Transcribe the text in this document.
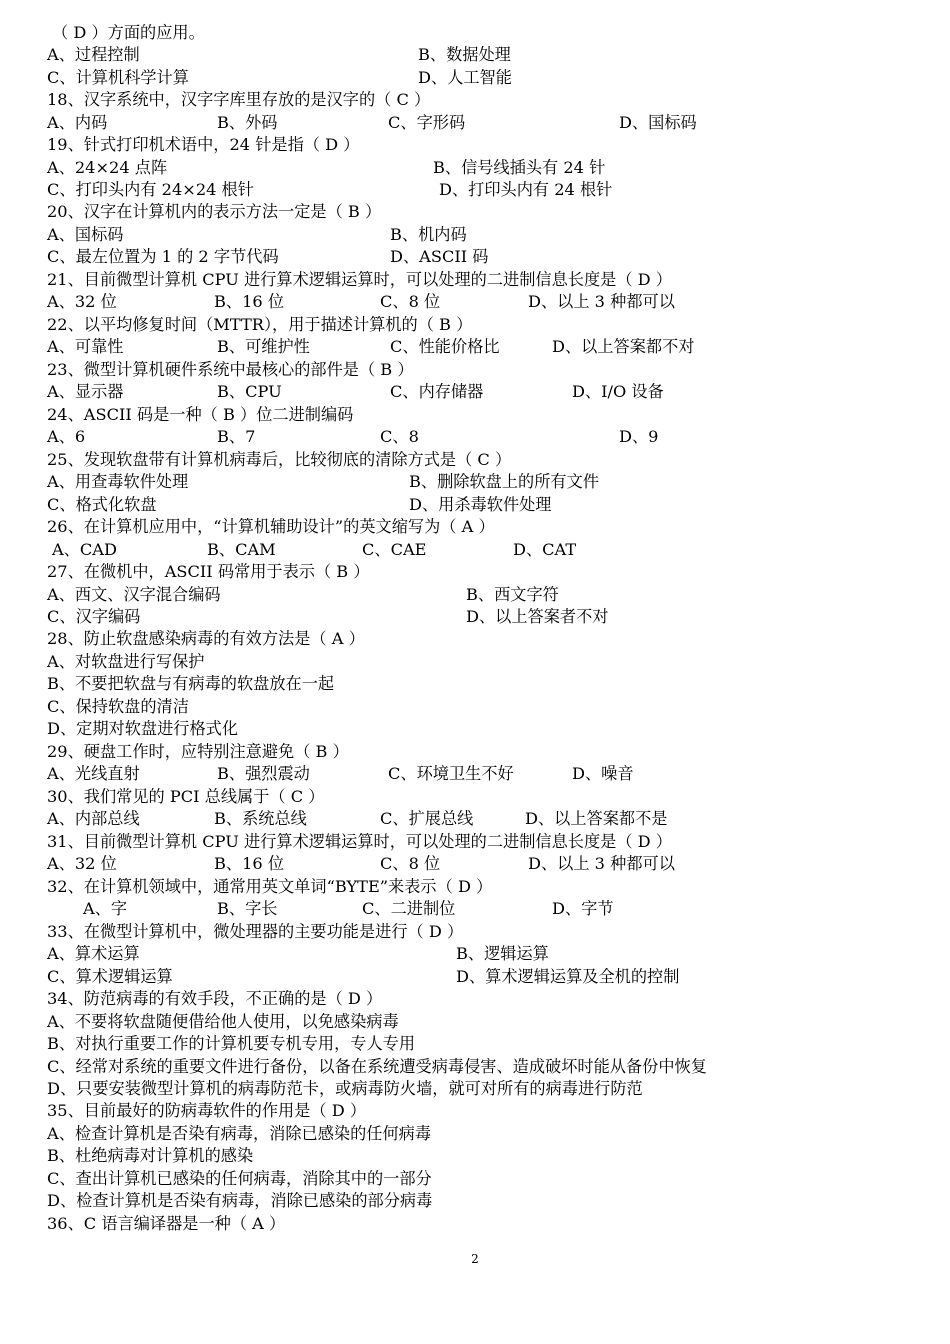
（ D ）方面的应用。
A、过程控制	B、数据处理
C、计算机科学计算	D、人工智能
18、汉字系统中，汉字字库里存放的是汉字的（ C ）
A、内码	B、外码	C、字形码	D、国标码
19、针式打印机术语中，24 针是指（ D ）
A、24×24 点阵	B、信号线插头有 24 针
C、打印头内有 24×24 根针	D、打印头内有 24 根针
20、汉字在计算机内的表示方法一定是（ B ）
A、国标码	B、机内码
C、最左位置为 1 的 2 字节代码	D、ASCII 码
21、目前微型计算机 CPU 进行算术逻辑运算时，可以处理的二进制信息长度是（ D ）
A、32 位	B、16 位	C、8 位	D、以上 3 种都可以
22、以平均修复时间（MTTR），用于描述计算机的（ B ）
A、可靠性	B、可维护性	C、性能价格比	D、以上答案都不对
23、微型计算机硬件系统中最核心的部件是（ B ）
A、显示器	B、CPU	C、内存储器	D、I/O 设备
24、ASCII 码是一种（ B ）位二进制编码
A、6	B、7	C、8	D、9
25、发现软盘带有计算机病毒后，比较彻底的清除方式是（ C ）
A、用查毒软件处理	B、删除软盘上的所有文件
C、格式化软盘	D、用杀毒软件处理
26、在计算机应用中，“计算机辅助设计”的英文缩写为（ A ）
A、CAD	B、CAM	C、CAE	D、CAT
27、在微机中，ASCII 码常用于表示（ B ）
A、西文、汉字混合编码	B、西文字符
C、汉字编码	D、以上答案者不对
28、防止软盘感染病毒的有效方法是（ A ）
A、对软盘进行写保护
B、不要把软盘与有病毒的软盘放在一起
C、保持软盘的清洁
D、定期对软盘进行格式化
29、硬盘工作时，应特别注意避免（ B ）
A、光线直射	B、强烈震动	C、环境卫生不好	D、噪音
30、我们常见的 PCI 总线属于（ C ）
A、内部总线	B、系统总线	C、扩展总线	D、以上答案都不是
31、目前微型计算机 CPU 进行算术逻辑运算时，可以处理的二进制信息长度是（ D ）
A、32 位	B、16 位	C、8 位	D、以上 3 种都可以
32、在计算机领域中，通常用英文单词“BYTE”来表示（ D ）
A、字	B、字长	C、二进制位	D、字节
33、在微型计算机中，微处理器的主要功能是进行（ D ）
A、算术运算	B、逻辑运算
C、算术逻辑运算	D、算术逻辑运算及全机的控制
34、防范病毒的有效手段，不正确的是（ D ）
A、不要将软盘随便借给他人使用，以免感染病毒
B、对执行重要工作的计算机要专机专用，专人专用
C、经常对系统的重要文件进行备份，以备在系统遭受病毒侵害、造成破坏时能从备份中恢复
D、只要安装微型计算机的病毒防范卡，或病毒防火墙，就可对所有的病毒进行防范
35、目前最好的防病毒软件的作用是（ D ）
A、检查计算机是否染有病毒，消除已感染的任何病毒
B、杜绝病毒对计算机的感染
C、查出计算机已感染的任何病毒，消除其中的一部分
D、检查计算机是否染有病毒，消除已感染的部分病毒
36、C 语言编译器是一种（ A ）
2
